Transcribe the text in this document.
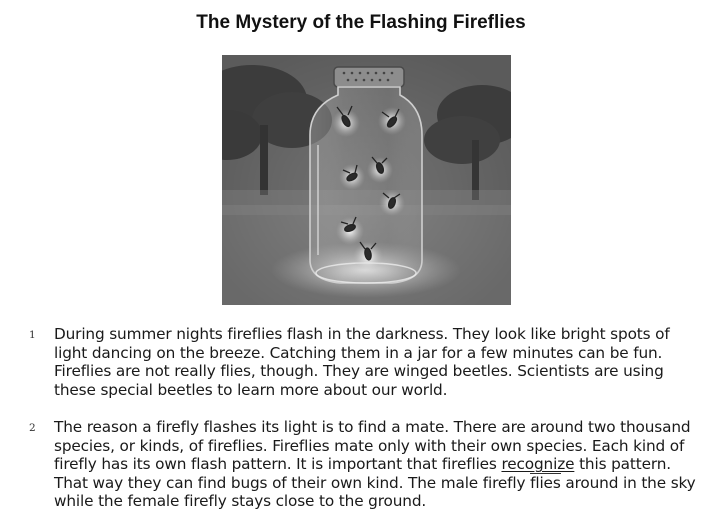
The Mystery of the Flashing Fireflies
1 During summer nights fireflies flash in the darkness. They look like bright spots of light dancing on the breeze. Catching them in a jar for a few minutes can be fun. Fireflies are not really flies, though. They are winged beetles. Scientists are using these special beetles to learn more about our world.
2 The reason a firefly flashes its light is to find a mate. There are around two thousand species, or kinds, of fireflies. Fireflies mate only with their own species. Each kind of firefly has its own flash pattern. It is important that fireflies recognize this pattern. That way they can find bugs of their own kind. The male firefly flies around in the sky while the female firefly stays close to the ground.
